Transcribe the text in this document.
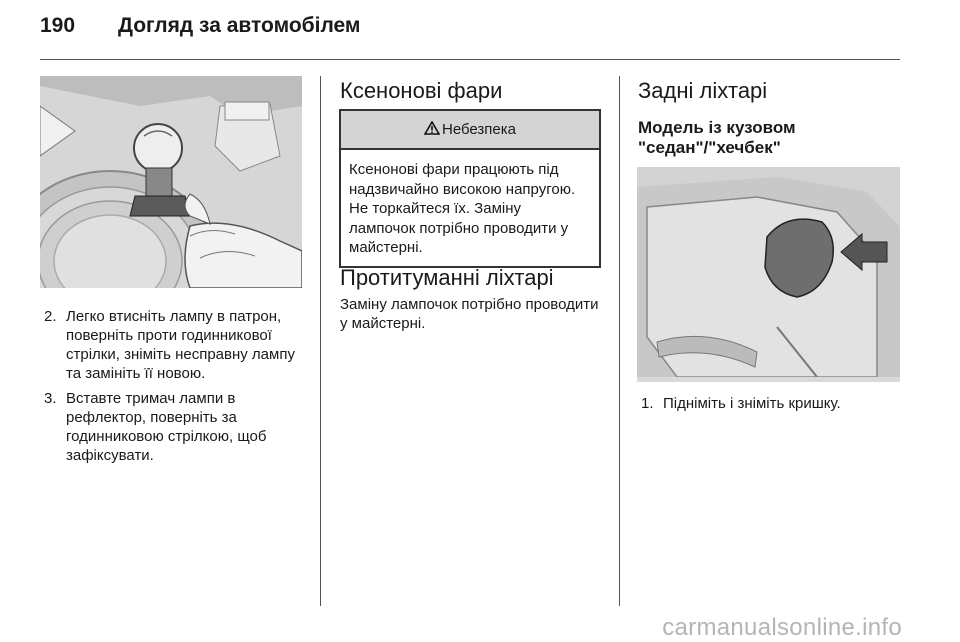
190 Догляд за автомобілем
2. Легко втисніть лампу в патрон, поверніть проти годинникової стрілки, зніміть несправну лампу та замініть її новою.
3. Вставте тримач лампи в рефлектор, поверніть за годинниковою стрілкою, щоб зафіксувати.
Ксенонові фари
Небезпека
Ксенонові фари працюють під надзвичайно високою напругою. Не торкайтеся їх. Заміну лампочок потрібно проводити у майстерні.
Протитуманні ліхтарі
Заміну лампочок потрібно проводити у майстерні.
Задні ліхтарі
Модель із кузовом "седан"/"хечбек"
1. Підніміть і зніміть кришку.
carmanualsonline.info
